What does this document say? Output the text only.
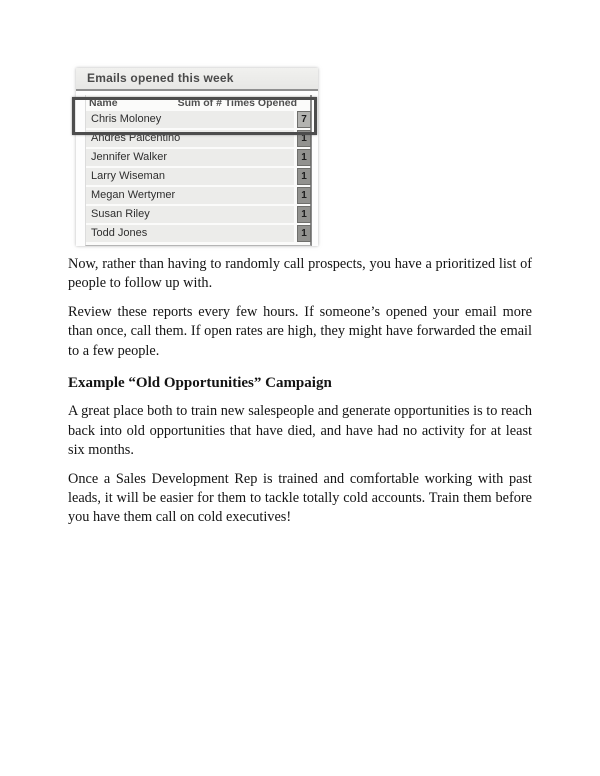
Emails opened this week
Name	Sum of # Times Opened
Chris Moloney	7
Andres Palcentino	1
Jennifer Walker	1
Larry Wiseman	1
Megan Wertymer	1
Susan Riley	1
Todd Jones	1

Now, rather than having to randomly call prospects, you have a prioritized list of people to follow up with.

Review these reports every few hours. If someone’s opened your email more than once, call them. If open rates are high, they might have forwarded the email to a few people.

Example “Old Opportunities” Campaign

A great place both to train new salespeople and generate opportunities is to reach back into old opportunities that have died, and have had no activity for at least six months.

Once a Sales Development Rep is trained and comfortable working with past leads, it will be easier for them to tackle totally cold accounts. Train them before you have them call on cold executives!
